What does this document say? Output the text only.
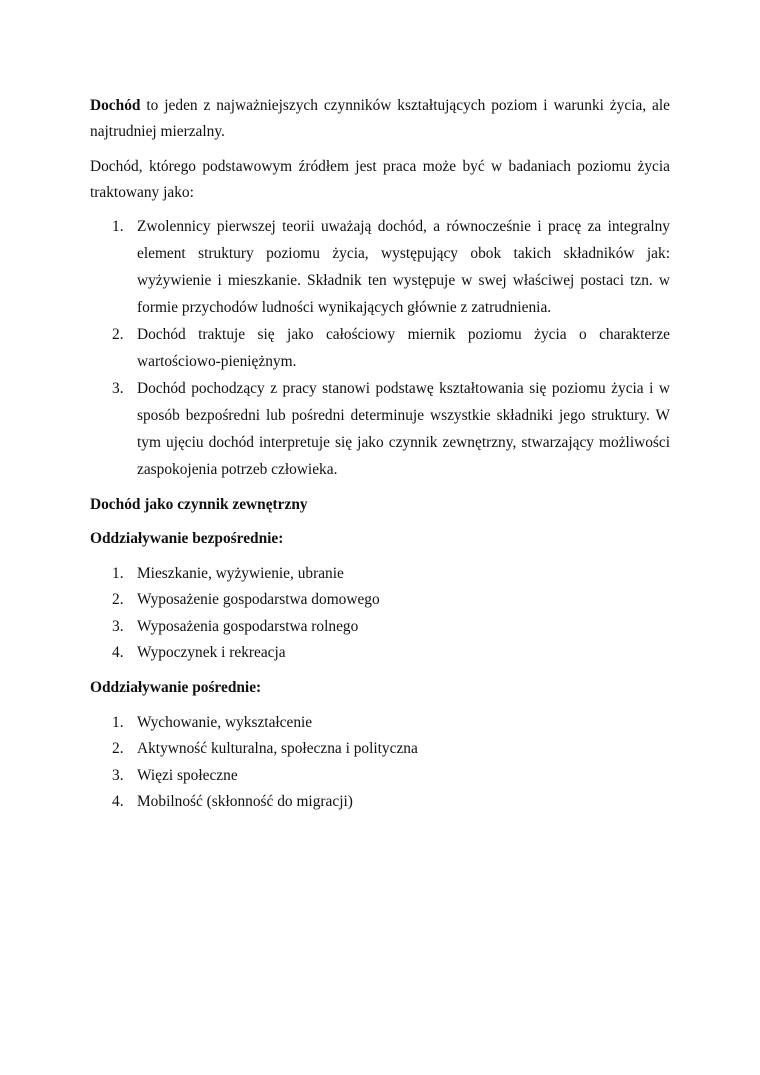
Dochód to jeden z najważniejszych czynników kształtujących poziom i warunki życia, ale najtrudniej mierzalny.

Dochód, którego podstawowym źródłem jest praca może być w badaniach poziomu życia traktowany jako:

1. Zwolennicy pierwszej teorii uważają dochód, a równocześnie i pracę za integralny element struktury poziomu życia, występujący obok takich składników jak: wyżywienie i mieszkanie. Składnik ten występuje w swej właściwej postaci tzn. w formie przychodów ludności wynikających głównie z zatrudnienia.
2. Dochód traktuje się jako całościowy miernik poziomu życia o charakterze wartościowo-pieniężnym.
3. Dochód pochodzący z pracy stanowi podstawę kształtowania się poziomu życia i w sposób bezpośredni lub pośredni determinuje wszystkie składniki jego struktury. W tym ujęciu dochód interpretuje się jako czynnik zewnętrzny, stwarzający możliwości zaspokojenia potrzeb człowieka.
Dochód jako czynnik zewnętrzny
Oddziaływanie bezpośrednie:
1. Mieszkanie, wyżywienie, ubranie
2. Wyposażenie gospodarstwa domowego
3. Wyposażenia gospodarstwa rolnego
4. Wypoczynek i rekreacja
Oddziaływanie pośrednie:
1. Wychowanie, wykształcenie
2. Aktywność kulturalna, społeczna i polityczna
3. Więzi społeczne
4. Mobilność (skłonność do migracji)
